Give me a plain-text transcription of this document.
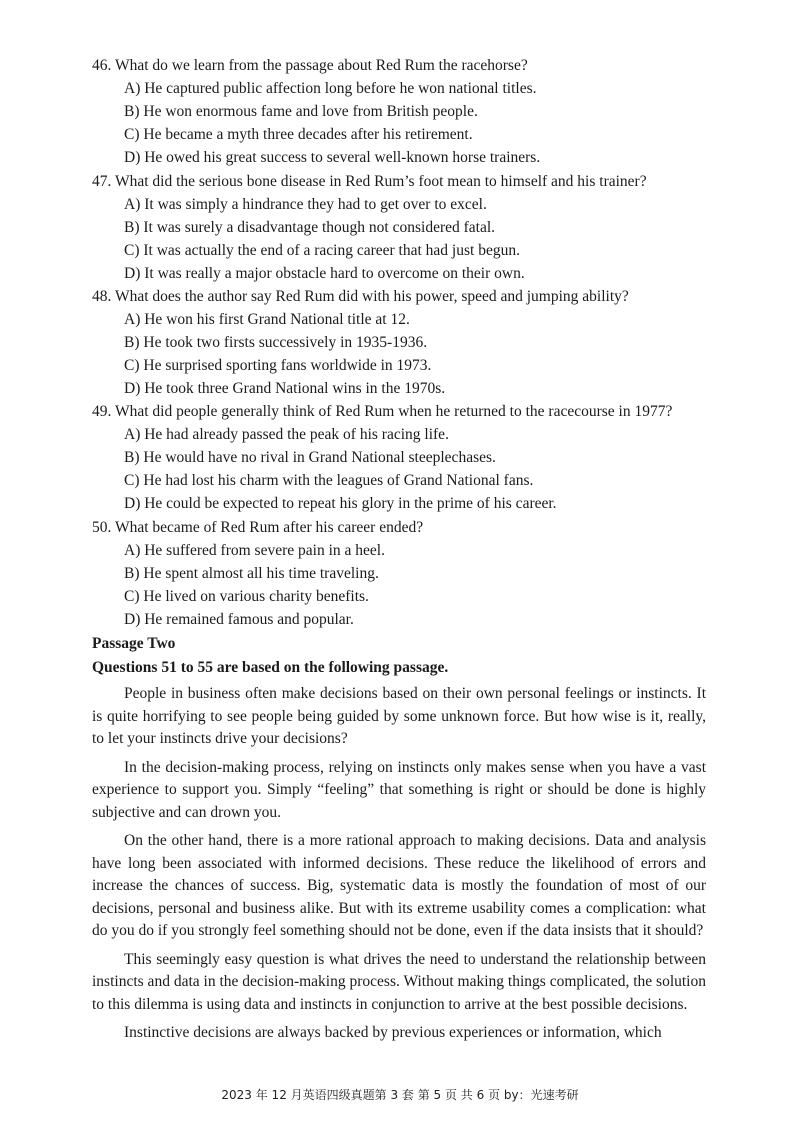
46. What do we learn from the passage about Red Rum the racehorse?
A) He captured public affection long before he won national titles.
B) He won enormous fame and love from British people.
C) He became a myth three decades after his retirement.
D) He owed his great success to several well-known horse trainers.
47. What did the serious bone disease in Red Rum’s foot mean to himself and his trainer?
A) It was simply a hindrance they had to get over to excel.
B) It was surely a disadvantage though not considered fatal.
C) It was actually the end of a racing career that had just begun.
D) It was really a major obstacle hard to overcome on their own.
48. What does the author say Red Rum did with his power, speed and jumping ability?
A) He won his first Grand National title at 12.
B) He took two firsts successively in 1935-1936.
C) He surprised sporting fans worldwide in 1973.
D) He took three Grand National wins in the 1970s.
49. What did people generally think of Red Rum when he returned to the racecourse in 1977?
A) He had already passed the peak of his racing life.
B) He would have no rival in Grand National steeplechases.
C) He had lost his charm with the leagues of Grand National fans.
D) He could be expected to repeat his glory in the prime of his career.
50. What became of Red Rum after his career ended?
A) He suffered from severe pain in a heel.
B) He spent almost all his time traveling.
C) He lived on various charity benefits.
D) He remained famous and popular.
Passage Two
Questions 51 to 55 are based on the following passage.

People in business often make decisions based on their own personal feelings or instincts. It is quite horrifying to see people being guided by some unknown force. But how wise is it, really, to let your instincts drive your decisions?

In the decision-making process, relying on instincts only makes sense when you have a vast experience to support you. Simply “feeling” that something is right or should be done is highly subjective and can drown you.

On the other hand, there is a more rational approach to making decisions. Data and analysis have long been associated with informed decisions. These reduce the likelihood of errors and increase the chances of success. Big, systematic data is mostly the foundation of most of our decisions, personal and business alike. But with its extreme usability comes a complication: what do you do if you strongly feel something should not be done, even if the data insists that it should?

This seemingly easy question is what drives the need to understand the relationship between instincts and data in the decision-making process. Without making things complicated, the solution to this dilemma is using data and instincts in conjunction to arrive at the best possible decisions.

Instinctive decisions are always backed by previous experiences or information, which

2023 年 12 月英语四级真题第 3 套 第 5 页 共 6 页 by：光速考研
